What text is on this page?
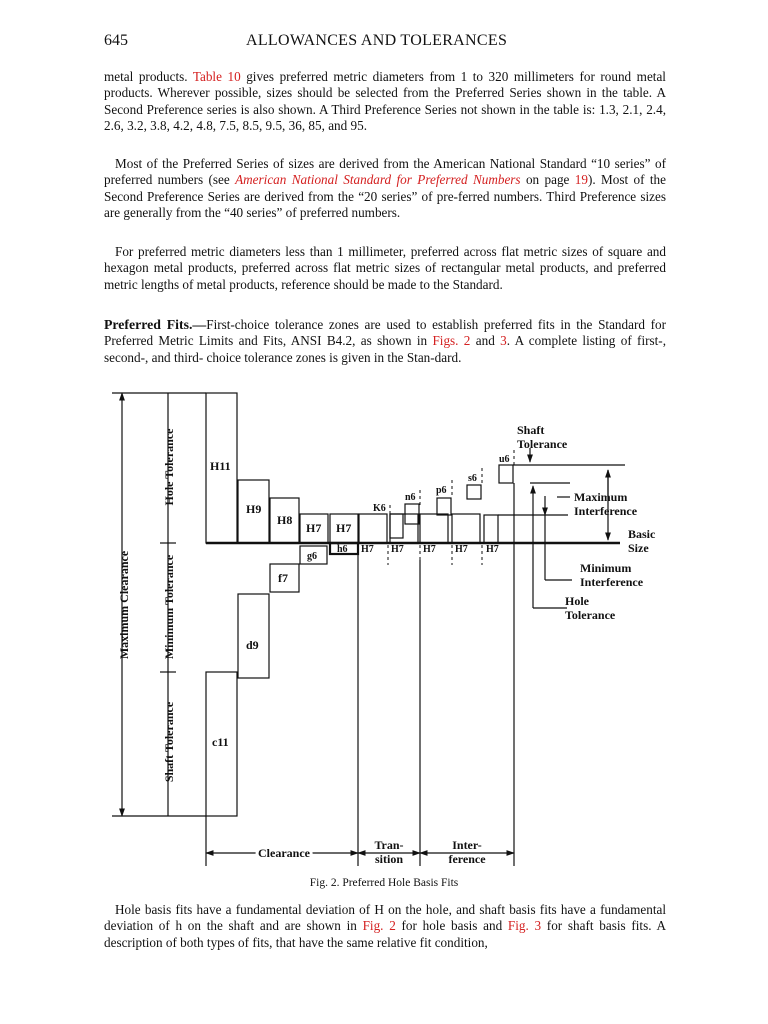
645	ALLOWANCES AND TOLERANCES

metal products. Table 10 gives preferred metric diameters from 1 to 320 millimeters for round metal products. Wherever possible, sizes should be selected from the Preferred Series shown in the table. A Second Preference series is also shown. A Third Preference Series not shown in the table is: 1.3, 2.1, 2.4, 2.6, 3.2, 3.8, 4.2, 4.8, 7.5, 8.5, 9.5, 36, 85, and 95.

Most of the Preferred Series of sizes are derived from the American National Standard “10 series” of preferred numbers (see American National Standard for Preferred Numbers on page 19). Most of the Second Preference Series are derived from the “20 series” of pre-ferred numbers. Third Preference sizes are generally from the “40 series” of preferred numbers.

For preferred metric diameters less than 1 millimeter, preferred across flat metric sizes of square and hexagon metal products, preferred across flat metric sizes of rectangular metal products, and preferred metric lengths of metal products, reference should be made to the Standard.

Preferred Fits.—First-choice tolerance zones are used to establish preferred fits in the Standard for Preferred Metric Limits and Fits, ANSI B4.2, as shown in Figs. 2 and 3. A complete listing of first-, second-, and third- choice tolerance zones is given in the Stan-dard.

H11
H9
H8
H7 H7
f7
d9
c11
g6
h6
K6
n6
p6
s6
u6
H7 H7 H7 H7 H7
Maximum Clearance
Hole Tolerance
Minimum Tolerance
Shaft Tolerance
Shaft
Tolerance
Maximum
Interference
Basic
Size
Minimum
Interference
Hole
Tolerance
Clearance
Tran-
sition
Inter-
ference
Fig. 2. Preferred Hole Basis Fits

Hole basis fits have a fundamental deviation of H on the hole, and shaft basis fits have a fundamental deviation of h on the shaft and are shown in Fig. 2 for hole basis and Fig. 3 for shaft basis fits. A description of both types of fits, that have the same relative fit condition,
